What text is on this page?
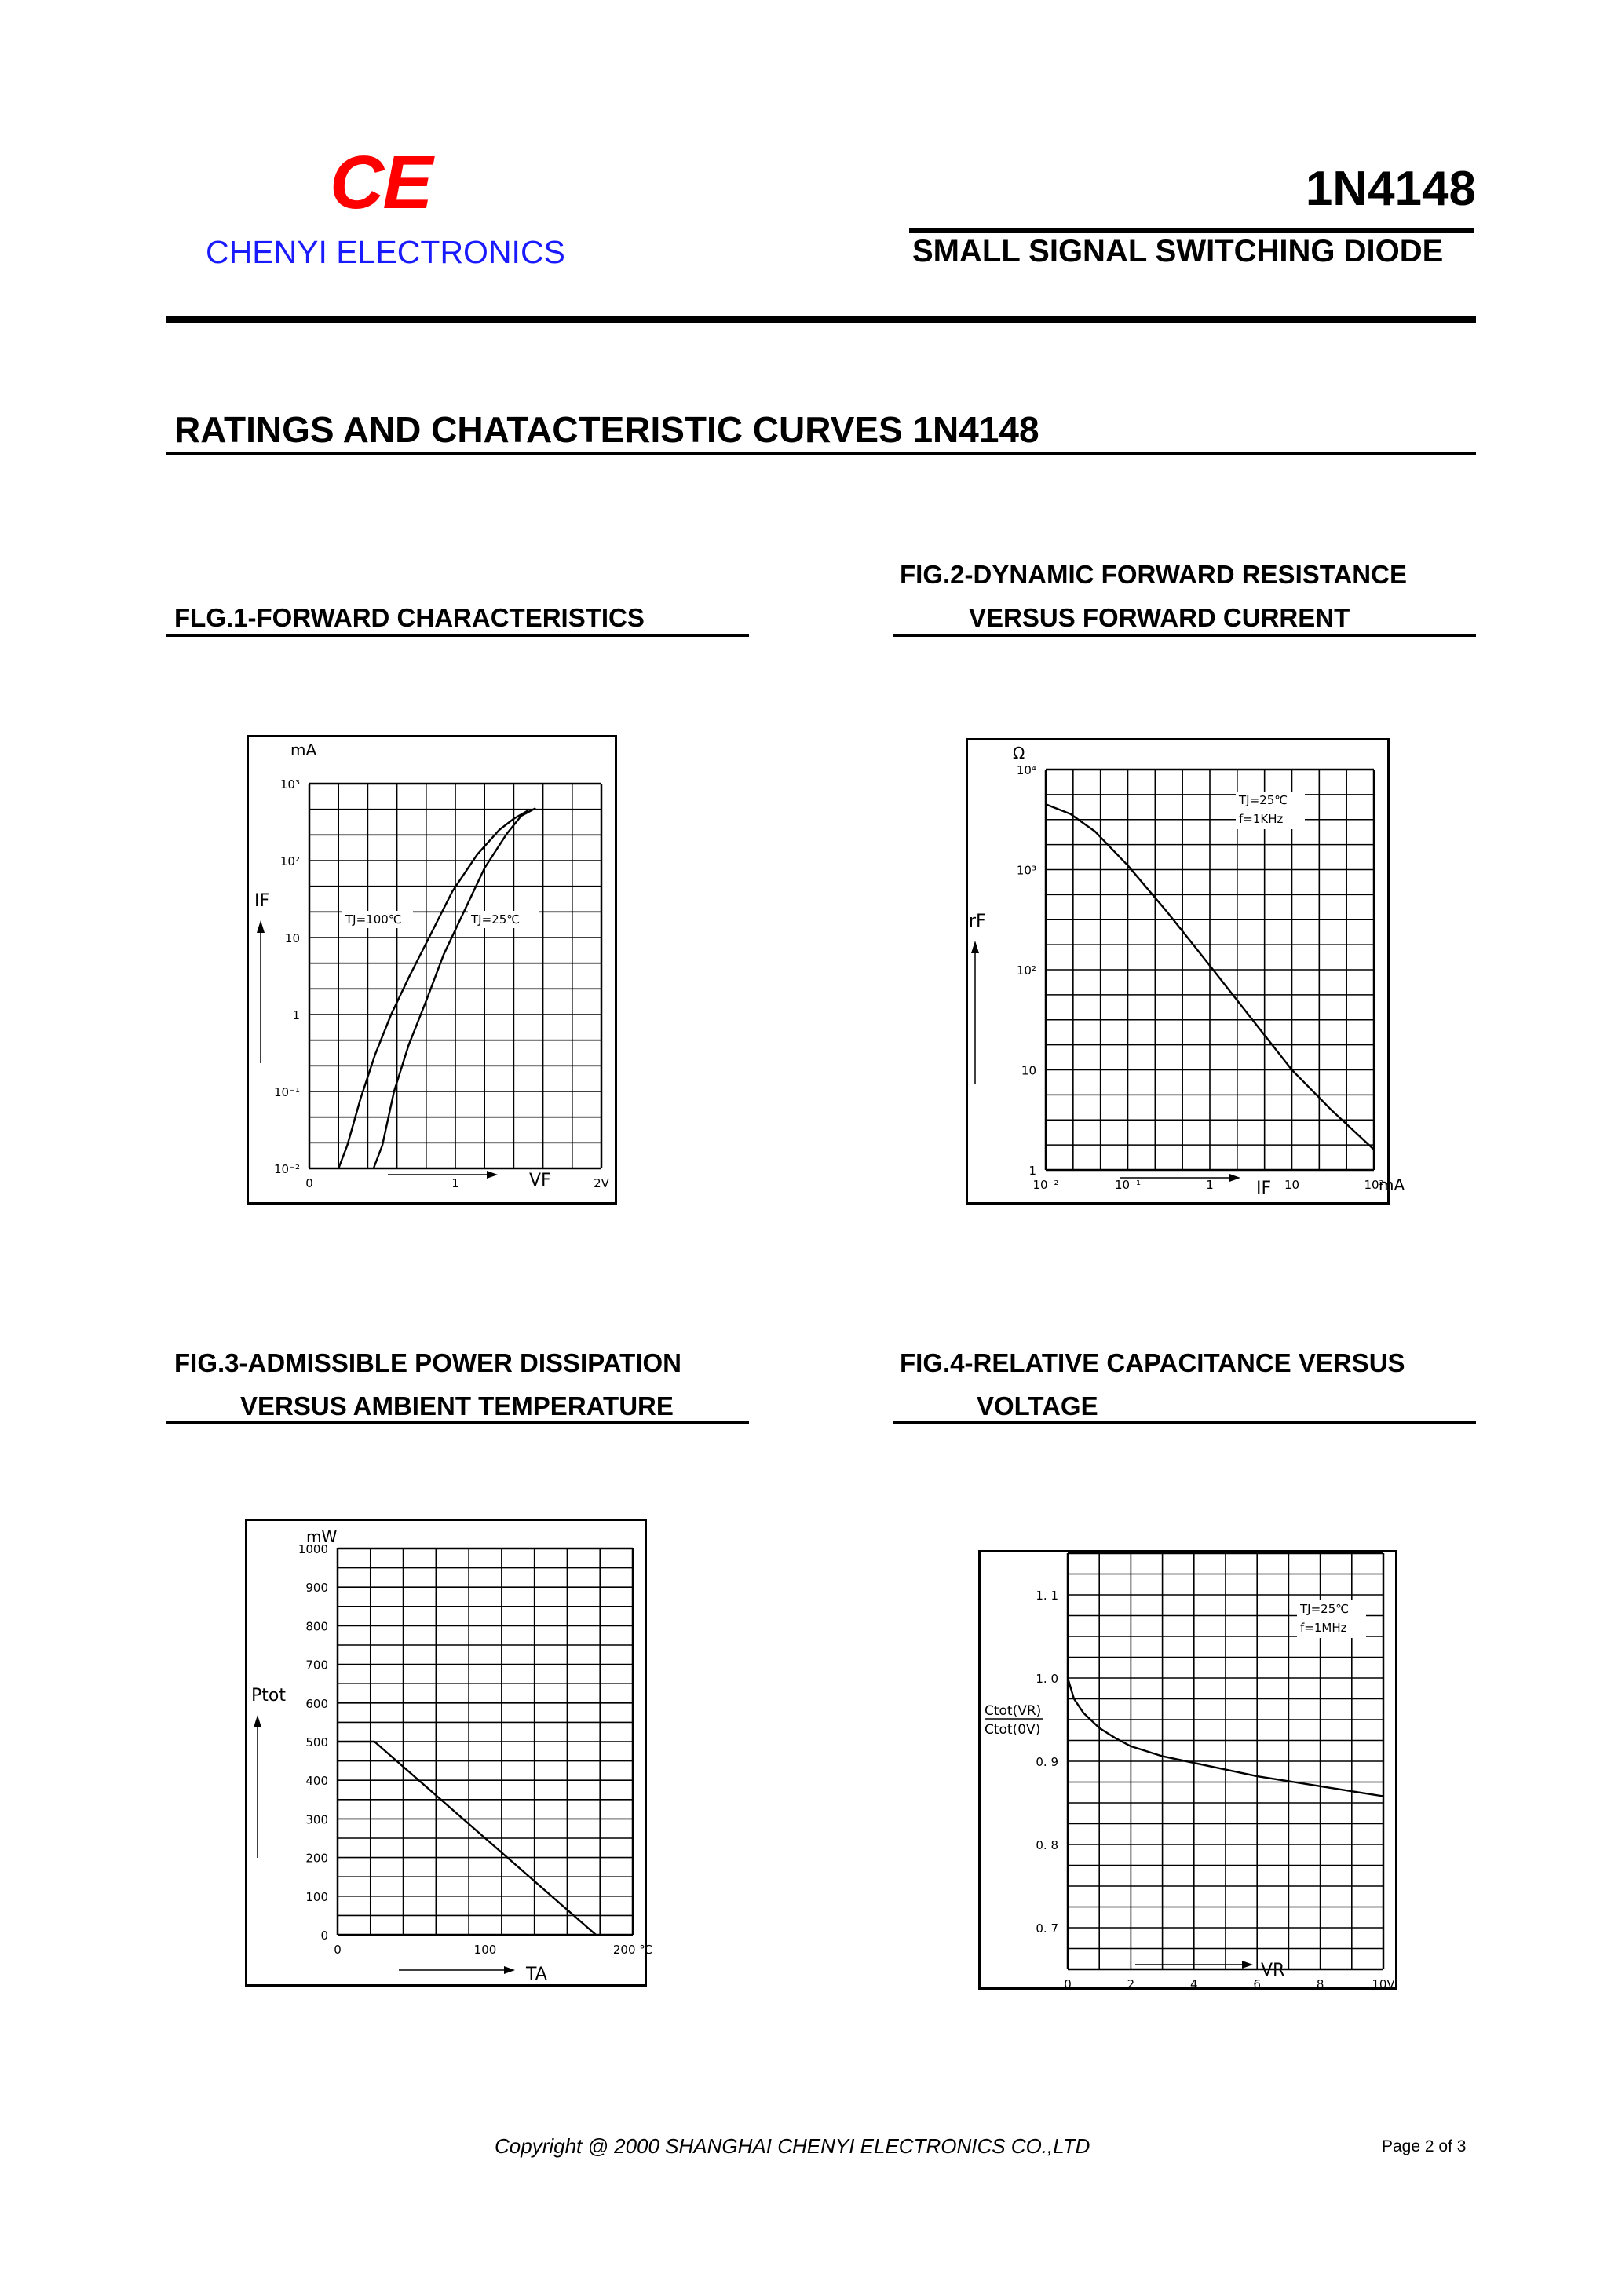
CE
CHENYI ELECTRONICS
1N4148
SMALL SIGNAL SWITCHING DIODE
RATINGS AND CHATACTERISTIC CURVES 1N4148
FLG.1-FORWARD CHARACTERISTICS
FIG.2-DYNAMIC FORWARD RESISTANCE
VERSUS FORWARD CURRENT
FIG.3-ADMISSIBLE POWER DISSIPATION
VERSUS AMBIENT TEMPERATURE
FIG.4-RELATIVE CAPACITANCE VERSUS
VOLTAGE
10⁻²
10⁻¹
1
10
10²
10³
0	1	2V
IF
mA
VF
TJ=100℃	TJ=25℃
1
10
10²
10³
10⁴
10⁻²	10⁻¹	1	10	10²
rF
Ω
mA
IF
TJ=25℃
f=1KHz
0
100
200
300
400
500
600
700
800
900
1000
0	100	200 ℃
Ptot
mW
TA
0. 7
0. 8
0. 9
1. 0
1. 1
0	2	4	6	8	10V
Ctot(VR)
Ctot(0V)
VR
TJ=25℃
f=1MHz
Copyright @ 2000 SHANGHAI CHENYI ELECTRONICS CO.,LTD	Page 2 of 3
